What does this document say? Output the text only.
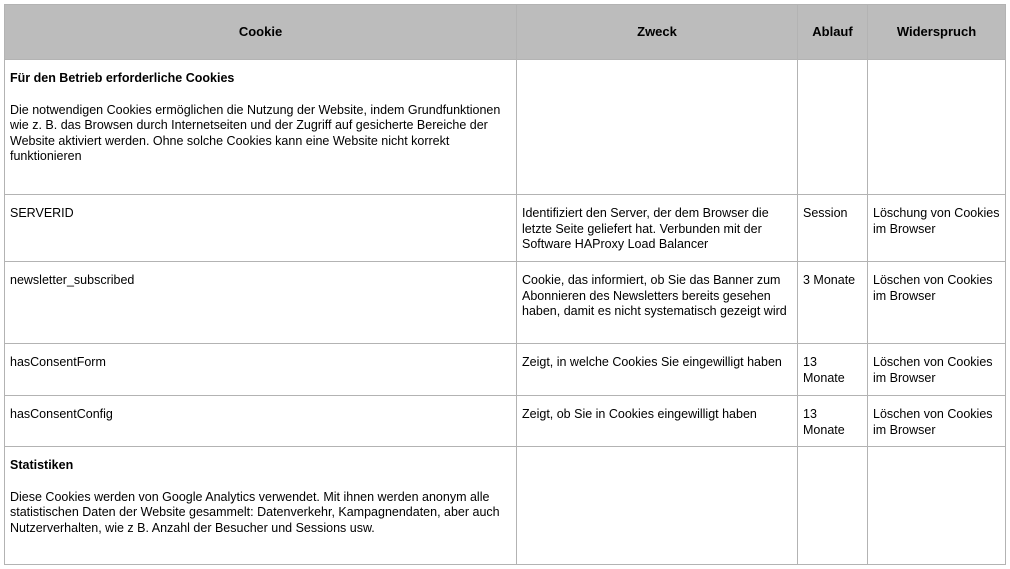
Cookie	Zweck	Ablauf	Widerspruch

Für den Betrieb erforderliche Cookies
Die notwendigen Cookies ermöglichen die Nutzung der Website, indem Grundfunktionen wie z. B. das Browsen durch Internetseiten und der Zugriff auf gesicherte Bereiche der Website aktiviert werden. Ohne solche Cookies kann eine Website nicht korrekt funktionieren			

SERVERID	Identifiziert den Server, der dem Browser die letzte Seite geliefert hat. Verbunden mit der Software HAProxy Load Balancer	Session	Löschung von Cookies im Browser

newsletter_subscribed	Cookie, das informiert, ob Sie das Banner zum Abonnieren des Newsletters bereits gesehen haben, damit es nicht systematisch gezeigt wird	3 Monate	Löschen von Cookies im Browser

hasConsentForm	Zeigt, in welche Cookies Sie eingewilligt haben	13 Monate	Löschen von Cookies im Browser

hasConsentConfig	Zeigt, ob Sie in Cookies eingewilligt haben	13 Monate	Löschen von Cookies im Browser

Statistiken
Diese Cookies werden von Google Analytics verwendet. Mit ihnen werden anonym alle statistischen Daten der Website gesammelt: Datenverkehr, Kampagnendaten, aber auch Nutzerverhalten, wie z B. Anzahl der Besucher und Sessions usw.			
